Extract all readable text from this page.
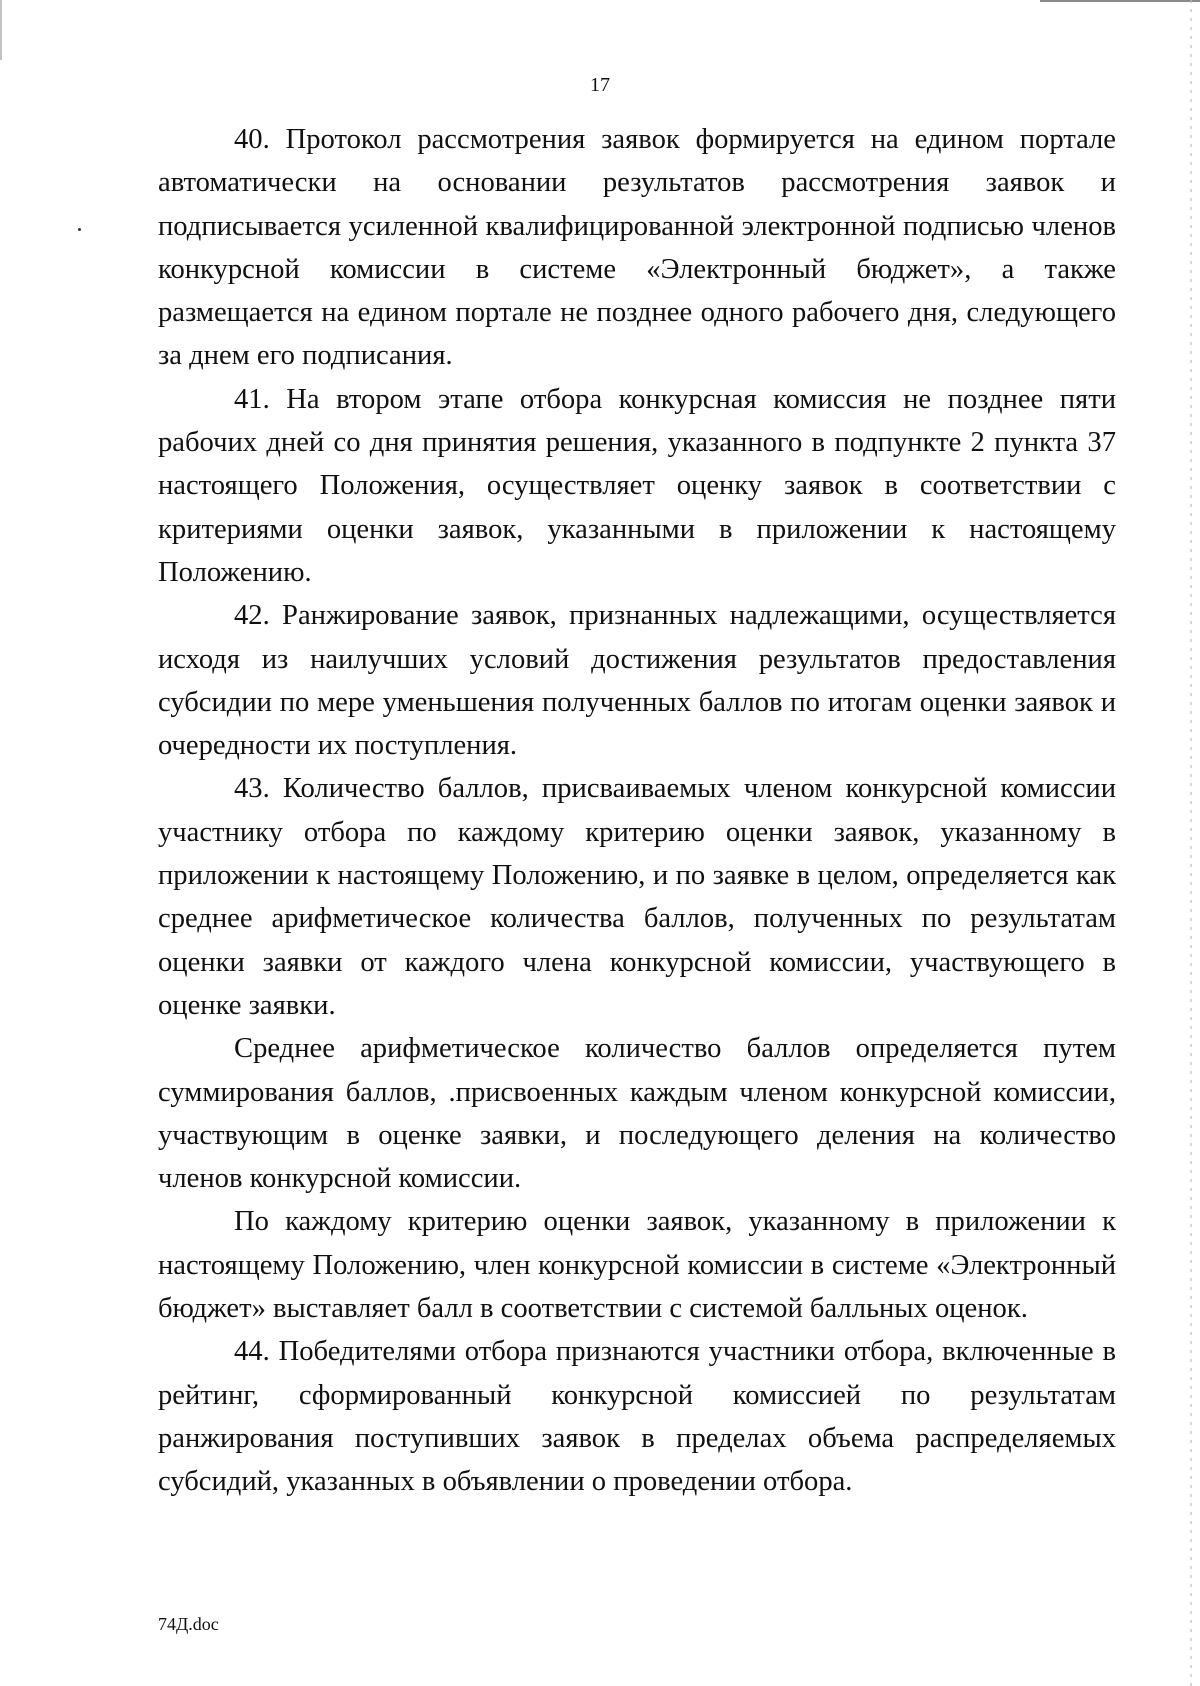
17

40. Протокол рассмотрения заявок формируется на едином портале автоматически на основании результатов рассмотрения заявок и подписывается усиленной квалифицированной электронной подписью членов конкурсной комиссии в системе «Электронный бюджет», а также размещается на едином портале не позднее одного рабочего дня, следующего за днем его подписания.

41. На втором этапе отбора конкурсная комиссия не позднее пяти рабочих дней со дня принятия решения, указанного в подпункте 2 пункта 37 настоящего Положения, осуществляет оценку заявок в соответствии с критериями оценки заявок, указанными в приложении к настоящему Положению.

42. Ранжирование заявок, признанных надлежащими, осуществляется исходя из наилучших условий достижения результатов предоставления субсидии по мере уменьшения полученных баллов по итогам оценки заявок и очередности их поступления.

43. Количество баллов, присваиваемых членом конкурсной комиссии участнику отбора по каждому критерию оценки заявок, указанному в приложении к настоящему Положению, и по заявке в целом, определяется как среднее арифметическое количества баллов, полученных по результатам оценки заявки от каждого члена конкурсной комиссии, участвующего в оценке заявки.

Среднее арифметическое количество баллов определяется путем суммирования баллов, .присвоенных каждым членом конкурсной комиссии, участвующим в оценке заявки, и последующего деления на количество членов конкурсной комиссии.

По каждому критерию оценки заявок, указанному в приложении к настоящему Положению, член конкурсной комиссии в системе «Электронный бюджет» выставляет балл в соответствии с системой балльных оценок.

44. Победителями отбора признаются участники отбора, включенные в рейтинг, сформированный конкурсной комиссией по результатам ранжирования поступивших заявок в пределах объема распределяемых субсидий, указанных в объявлении о проведении отбора.

74Д.doc
